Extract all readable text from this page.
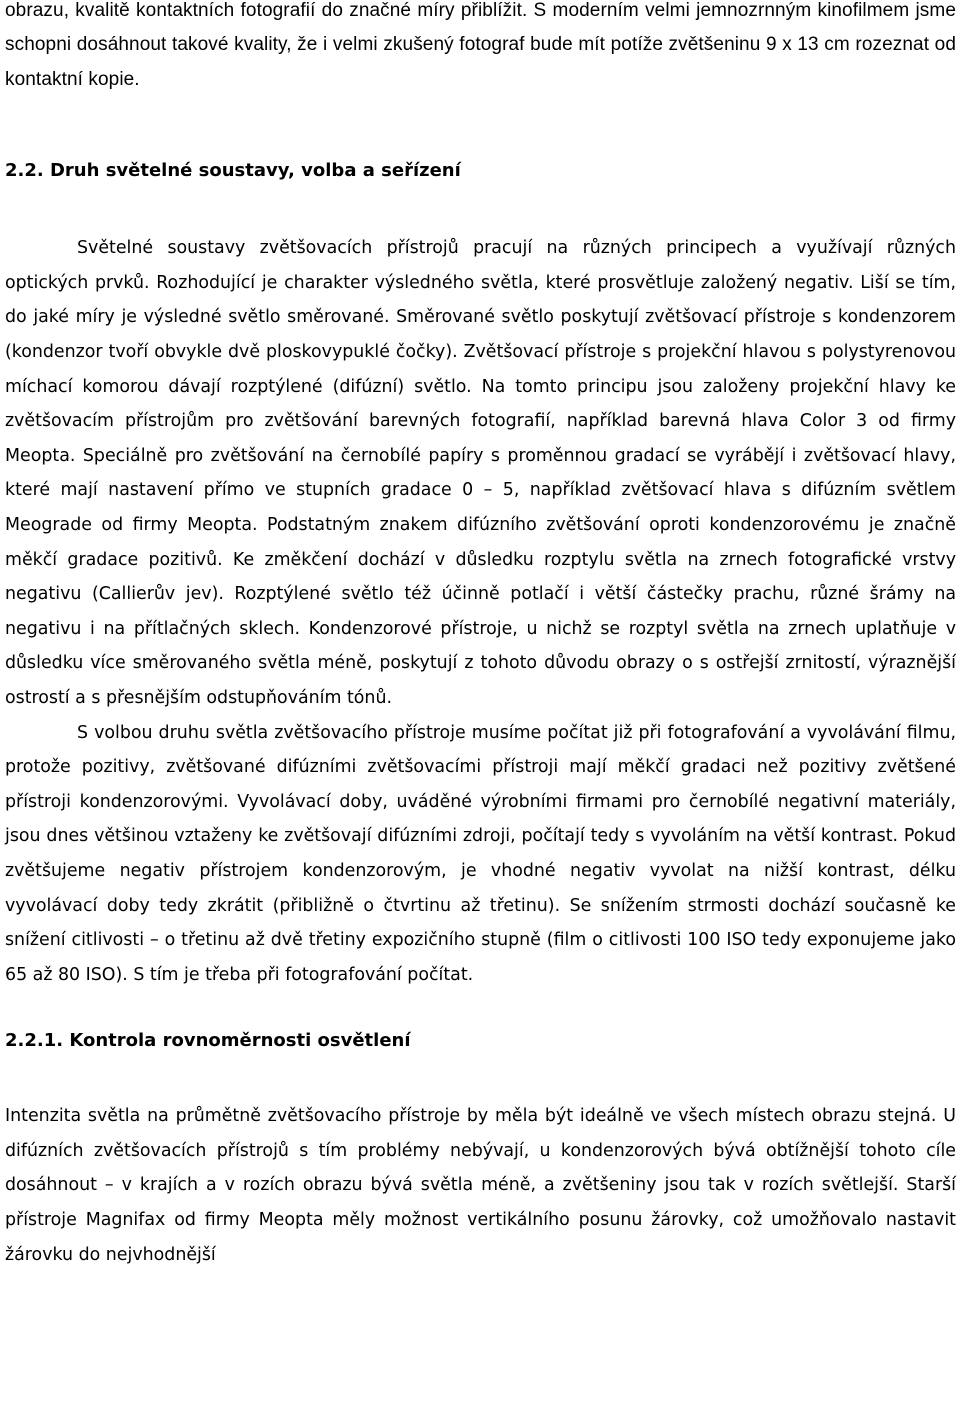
obrazu, kvalitě kontaktních fotografií do značné míry přiblížit. S moderním velmi jemnozrnným kinofilmem jsme schopni dosáhnout takové kvality, že i velmi zkušený fotograf bude mít potíže zvětšeninu 9 x 13 cm rozeznat od kontaktní kopie.

2.2. Druh světelné soustavy, volba a seřízení

Světelné soustavy zvětšovacích přístrojů pracují na různých principech a využívají různých optických prvků. Rozhodující je charakter výsledného světla, které prosvětluje založený negativ. Liší se tím, do jaké míry je výsledné světlo směrované. Směrované světlo poskytují zvětšovací přístroje s kondenzorem (kondenzor tvoří obvykle dvě ploskovypuklé čočky). Zvětšovací přístroje s projekční hlavou s polystyrenovou míchací komorou dávají rozptýlené (difúzní) světlo. Na tomto principu jsou založeny projekční hlavy ke zvětšovacím přístrojům pro zvětšování barevných fotografií, například barevná hlava Color 3 od firmy Meopta. Speciálně pro zvětšování na černobílé papíry s proměnnou gradací se vyrábějí i zvětšovací hlavy, které mají nastavení přímo ve stupních gradace 0 – 5, například zvětšovací hlava s difúzním světlem Meograde od firmy Meopta. Podstatným znakem difúzního zvětšování oproti kondenzorovému je značně měkčí gradace pozitivů. Ke změkčení dochází v důsledku rozptylu světla na zrnech fotografické vrstvy negativu (Callierův jev). Rozptýlené světlo též účinně potlačí i větší částečky prachu, různé šrámy na negativu i na přítlačných sklech. Kondenzorové přístroje, u nichž se rozptyl světla na zrnech uplatňuje v důsledku více směrovaného světla méně, poskytují z tohoto důvodu obrazy o s ostřejší zrnitostí, výraznější ostrostí a s přesnějším odstupňováním tónů.

S volbou druhu světla zvětšovacího přístroje musíme počítat již při fotografování a vyvolávání filmu, protože pozitivy, zvětšované difúzními zvětšovacími přístroji mají měkčí gradaci než pozitivy zvětšené přístroji kondenzorovými. Vyvolávací doby, uváděné výrobními firmami pro černobílé negativní materiály, jsou dnes většinou vztaženy ke zvětšovají difúzními zdroji, počítají tedy s vyvoláním na větší kontrast. Pokud zvětšujeme negativ přístrojem kondenzorovým, je vhodné negativ vyvolat na nižší kontrast, délku vyvolávací doby tedy zkrátit (přibližně o čtvrtinu až třetinu). Se snížením strmosti dochází současně ke snížení citlivosti – o třetinu až dvě třetiny expozičního stupně (film o citlivosti 100 ISO tedy exponujeme jako 65 až 80 ISO). S tím je třeba při fotografování počítat.

2.2.1. Kontrola rovnoměrnosti osvětlení

Intenzita světla na průmětně zvětšovacího přístroje by měla být ideálně ve všech místech obrazu stejná. U difúzních zvětšovacích přístrojů s tím problémy nebývají, u kondenzorových bývá obtížnější tohoto cíle dosáhnout – v krajích a v rozích obrazu bývá světla méně, a zvětšeniny jsou tak v rozích světlejší. Starší přístroje Magnifax od firmy Meopta měly možnost vertikálního posunu žárovky, což umožňovalo nastavit žárovku do nejvhodnější
